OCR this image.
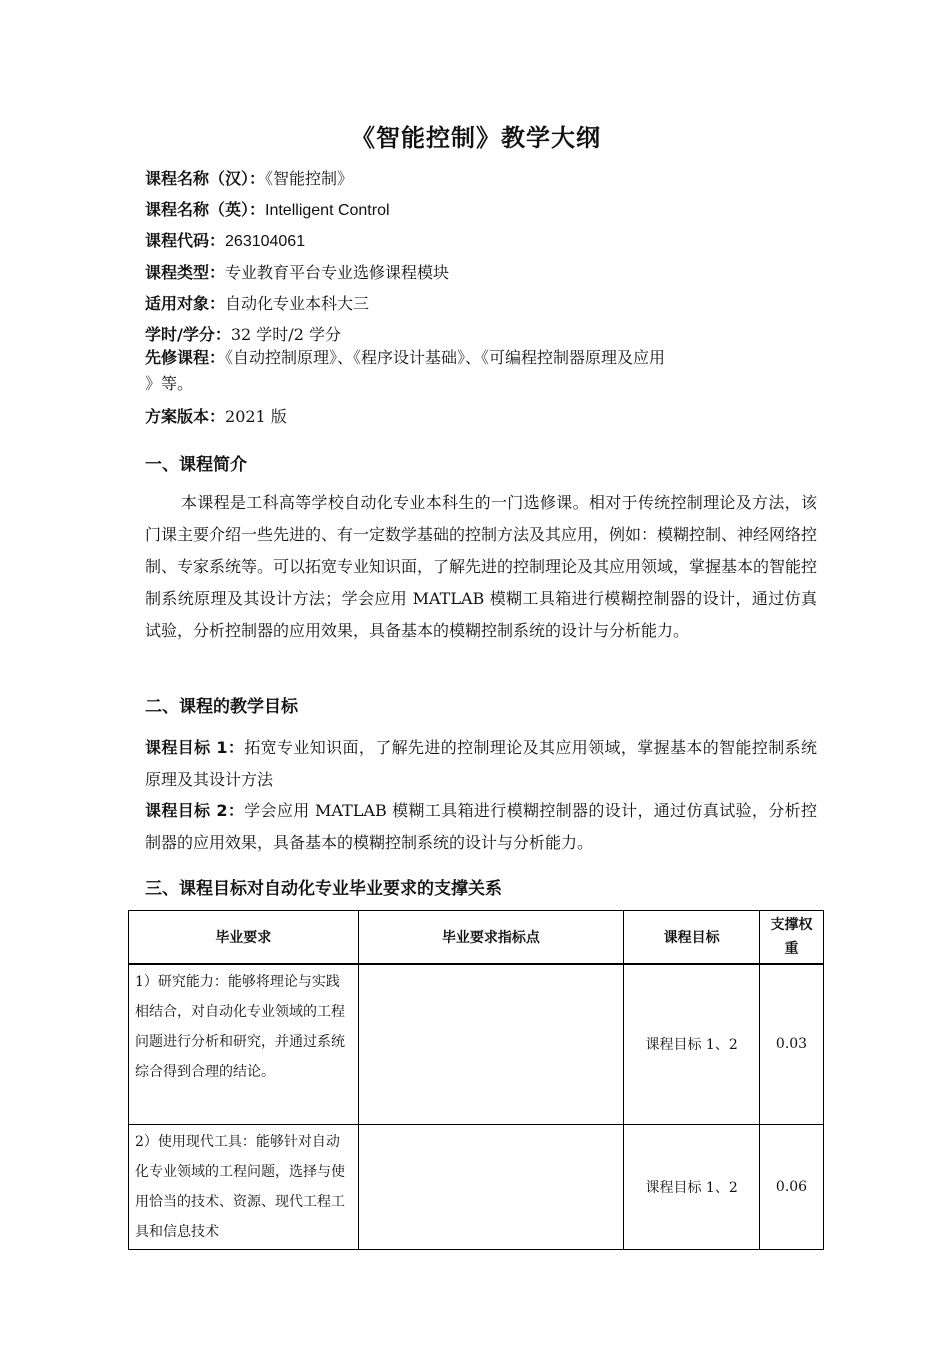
《智能控制》教学大纲
课程名称（汉）：《智能控制》
课程名称（英）：Intelligent Control
课程代码：263104061
课程类型：专业教育平台专业选修课程模块
适用对象：自动化专业本科大三
学时/学分：32 学时/2 学分
先修课程：《自动控制原理》、《程序设计基础》、《可编程控制器原理及应用
》等。
方案版本：2021 版
一、课程简介
本课程是工科高等学校自动化专业本科生的一门选修课。相对于传统控制理论及方法，该门课主要介绍一些先进的、有一定数学基础的控制方法及其应用，例如：模糊控制、神经网络控制、专家系统等。可以拓宽专业知识面，了解先进的控制理论及其应用领域，掌握基本的智能控制系统原理及其设计方法；学会应用 MATLAB 模糊工具箱进行模糊控制器的设计，通过仿真试验，分析控制器的应用效果，具备基本的模糊控制系统的设计与分析能力。
二、课程的教学目标
课程目标 1：拓宽专业知识面，了解先进的控制理论及其应用领域，掌握基本的智能控制系统原理及其设计方法
课程目标 2：学会应用 MATLAB 模糊工具箱进行模糊控制器的设计，通过仿真试验，分析控制器的应用效果，具备基本的模糊控制系统的设计与分析能力。
三、课程目标对自动化专业毕业要求的支撑关系
毕业要求	毕业要求指标点	课程目标	支撑权重
1）研究能力：能够将理论与实践相结合，对自动化专业领域的工程问题进行分析和研究，并通过系统综合得到合理的结论。		课程目标 1、2	0.03
2）使用现代工具：能够针对自动化专业领域的工程问题，选择与使用恰当的技术、资源、现代工程工具和信息技术		课程目标 1、2	0.06
